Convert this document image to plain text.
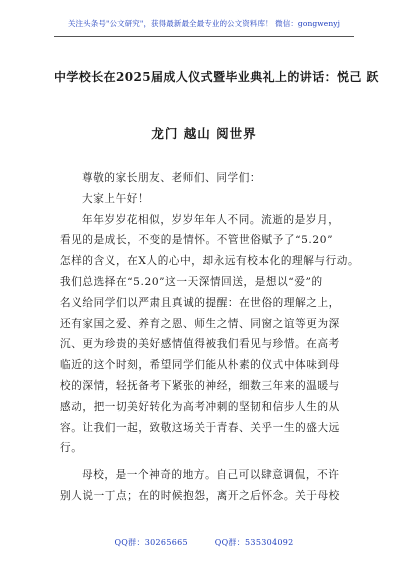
关注头条号"公文研究"，获得最新最全最专业的公文资料库！ 微信：gongwenyj
中学校长在2025届成人仪式暨毕业典礼上的讲话：悦己 跃
龙门 越山 阅世界
尊敬的家长朋友、老师们、同学们：
大家上午好！
年年岁岁花相似，岁岁年年人不同。流逝的是岁月，
看见的是成长，不变的是情怀。不管世俗赋予了“5.20”
怎样的含义，在X人的心中，却永远有校本化的理解与行动。
我们总选择在“5.20”这一天深情回送，是想以“爱”的
名义给同学们以严肃且真诚的提醒：在世俗的理解之上，
还有家国之爱、养育之恩、师生之情、同窗之谊等更为深
沉、更为珍贵的美好感情值得被我们看见与珍惜。在高考
临近的这个时刻，希望同学们能从朴素的仪式中体味到母
校的深情，轻抚备考下紧张的神经，细数三年来的温暖与
感动，把一切美好转化为高考冲刺的坚韧和信步人生的从
容。让我们一起，致敬这场关于青春、关乎一生的盛大远
行。
母校，是一个神奇的地方。自己可以肆意调侃，不许
别人说一丁点；在的时候抱怨，离开之后怀念。关于母校
QQ群：30265665	QQ群：535304092
